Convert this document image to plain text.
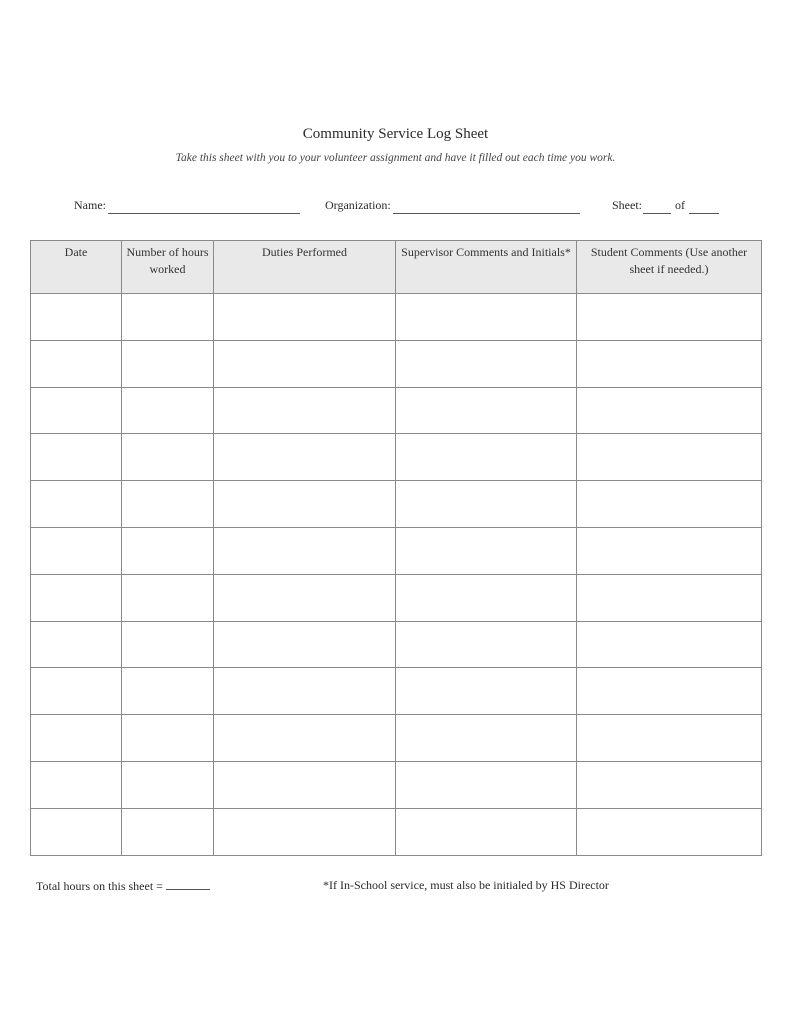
Community Service Log Sheet
Take this sheet with you to your volunteer assignment and have it filled out each time you work.
Name:	Organization:	Sheet:	of
Date	Number of hours worked	Duties Performed	Supervisor Comments and Initials*	Student Comments (Use another sheet if needed.)

Total hours on this sheet =	*If In-School service, must also be initialed by HS Director
